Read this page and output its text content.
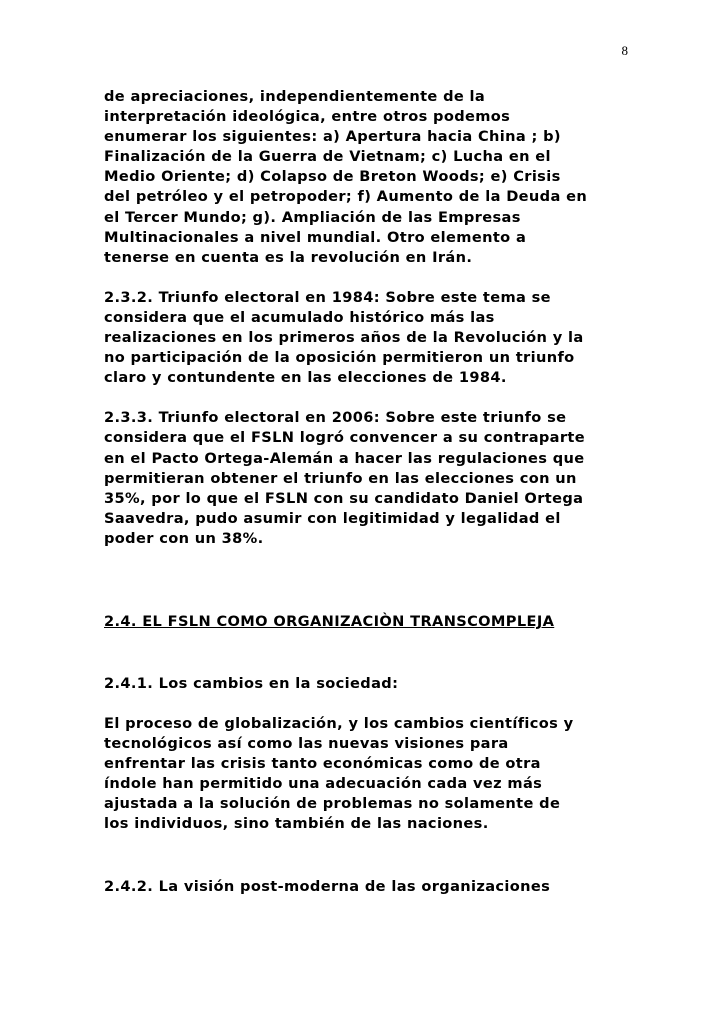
8
de apreciaciones, independientemente de la
interpretación ideológica, entre otros podemos
enumerar los siguientes: a) Apertura hacia China ; b)
Finalización de la Guerra de Vietnam; c) Lucha en el
Medio Oriente; d) Colapso de Breton Woods; e) Crisis
del petróleo y el petropoder; f) Aumento de la Deuda en
el Tercer Mundo; g). Ampliación de las Empresas
Multinacionales a nivel mundial. Otro elemento a
tenerse en cuenta es la revolución en Irán.
2.3.2. Triunfo electoral en 1984: Sobre este tema se
considera que el acumulado histórico más las
realizaciones en los primeros años de la Revolución y la
no participación de la oposición permitieron un triunfo
claro y contundente en las elecciones de 1984.
2.3.3. Triunfo electoral en 2006: Sobre este triunfo se
considera que el FSLN logró convencer a su contraparte
en el Pacto Ortega-Alemán a hacer las regulaciones que
permitieran obtener el triunfo en las elecciones con un
35%, por lo que el FSLN con su candidato Daniel Ortega
Saavedra, pudo asumir con legitimidad y legalidad el
poder con un 38%.
2.4. EL FSLN COMO ORGANIZACIÒN TRANSCOMPLEJA
2.4.1. Los cambios en la sociedad:
El proceso de globalización, y los cambios científicos y
tecnológicos así como las nuevas visiones para
enfrentar las crisis tanto económicas como de otra
índole han permitido una adecuación cada vez más
ajustada a la solución de problemas no solamente de
los individuos, sino también de las naciones.
2.4.2. La visión post-moderna de las organizaciones
